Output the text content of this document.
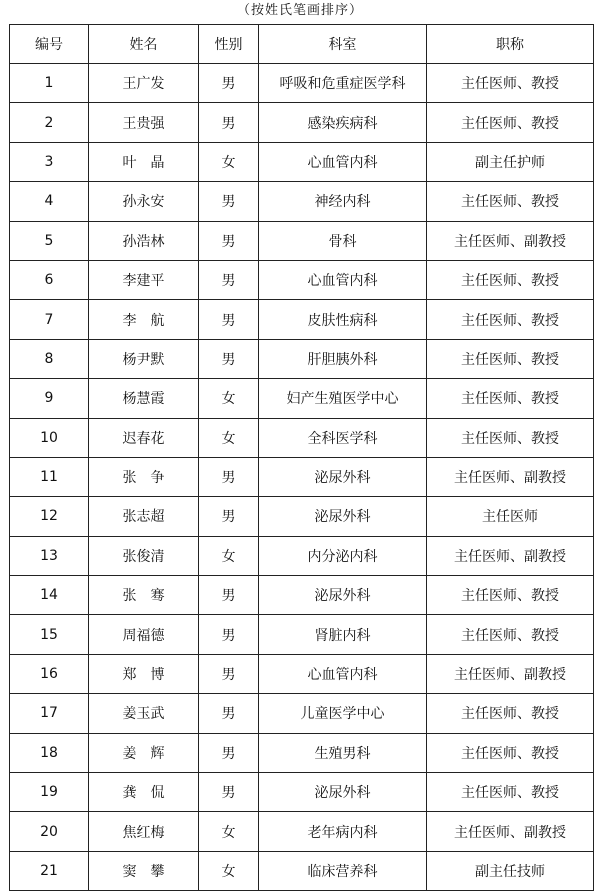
（按姓氏笔画排序）
编号	姓名	性别	科室	职称
1	王广发	男	呼吸和危重症医学科	主任医师、教授
2	王贵强	男	感染疾病科	主任医师、教授
3	叶　晶	女	心血管内科	副主任护师
4	孙永安	男	神经内科	主任医师、教授
5	孙浩林	男	骨科	主任医师、副教授
6	李建平	男	心血管内科	主任医师、教授
7	李　航	男	皮肤性病科	主任医师、教授
8	杨尹默	男	肝胆胰外科	主任医师、教授
9	杨慧霞	女	妇产生殖医学中心	主任医师、教授
10	迟春花	女	全科医学科	主任医师、教授
11	张　争	男	泌尿外科	主任医师、副教授
12	张志超	男	泌尿外科	主任医师
13	张俊清	女	内分泌内科	主任医师、副教授
14	张　骞	男	泌尿外科	主任医师、教授
15	周福德	男	肾脏内科	主任医师、教授
16	郑　博	男	心血管内科	主任医师、副教授
17	姜玉武	男	儿童医学中心	主任医师、教授
18	姜　辉	男	生殖男科	主任医师、教授
19	龚　侃	男	泌尿外科	主任医师、教授
20	焦红梅	女	老年病内科	主任医师、副教授
21	窦　攀	女	临床营养科	副主任技师
